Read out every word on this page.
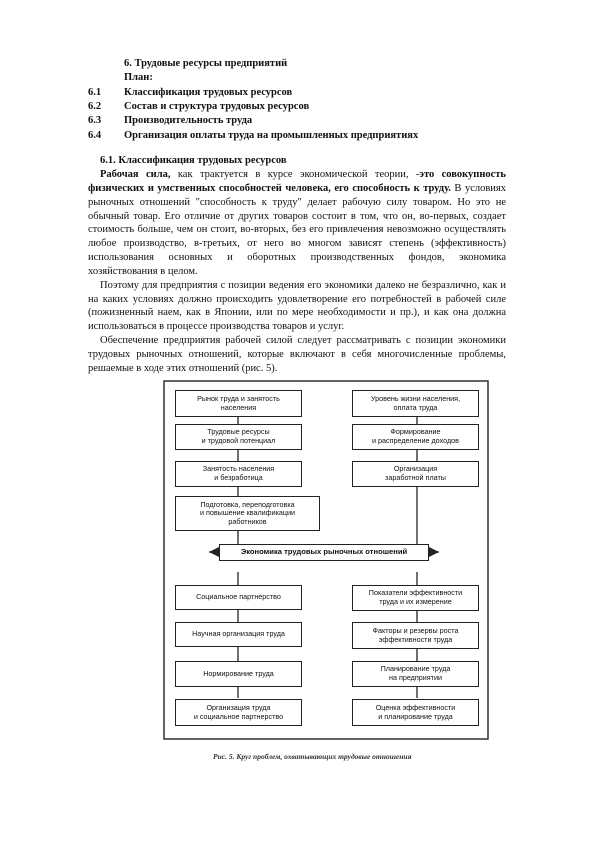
6. Трудовые ресурсы предприятий
План:
6.1	Классификация трудовых ресурсов
6.2	Состав и структура трудовых ресурсов
6.3	Производительность труда
6.4	Организация оплаты труда на промышленных предприятиях
6.1. Классификация трудовых ресурсов

Рабочая сила, как трактуется в курсе экономической теории, -это совокупность физических и умственных способностей человека, его способность к труду. В условиях рыночных отношений "способность к труду" делает рабочую силу товаром. Но это не обычный товар. Его отличие от других товаров состоит в том, что он, во-первых, создает стоимость больше, чем он стоит, во-вторых, без его привлечения невозможно осуществлять любое производство, в-третьих, от него во многом зависят степень (эффективность) использования основных и оборотных производственных фондов, экономика хозяйствования в целом.

Поэтому для предприятия с позиции ведения его экономики далеко не безразлично, как и на каких условиях должно происходить удовлетворение его потребностей в рабочей силе (пожизненный наем, как в Японии, или по мере необходимости и пр.), и как она должна использоваться в процессе производства товаров и услуг.

Обеспечение предприятия рабочей силой следует рассматривать с позиции экономики трудовых рыночных отношений, которые включают в себя многочисленные проблемы, решаемые в ходе этих отношений (рис. 5).

Рынок труда и занятость
населения
Трудовые ресурсы
и трудовой потенциал
Занятость населения
и безработица
Подготовка, переподготовка
и повышение квалификации
работников
Уровень жизни населения,
оплата труда
Формирование
и распределение доходов
Организация
заработной платы
Экономика трудовых рыночных отношений
Социальное партнерство
Научная организация труда
Нормирование труда
Организация труда
и социальное партнерство
Показатели эффективности
труда и их измерение
Факторы и резервы роста
эффективности труда
Планирование труда
на предприятии
Оценка эффективности
и планирование труда
Рис. 5. Круг проблем, охватывающих трудовые отношения
